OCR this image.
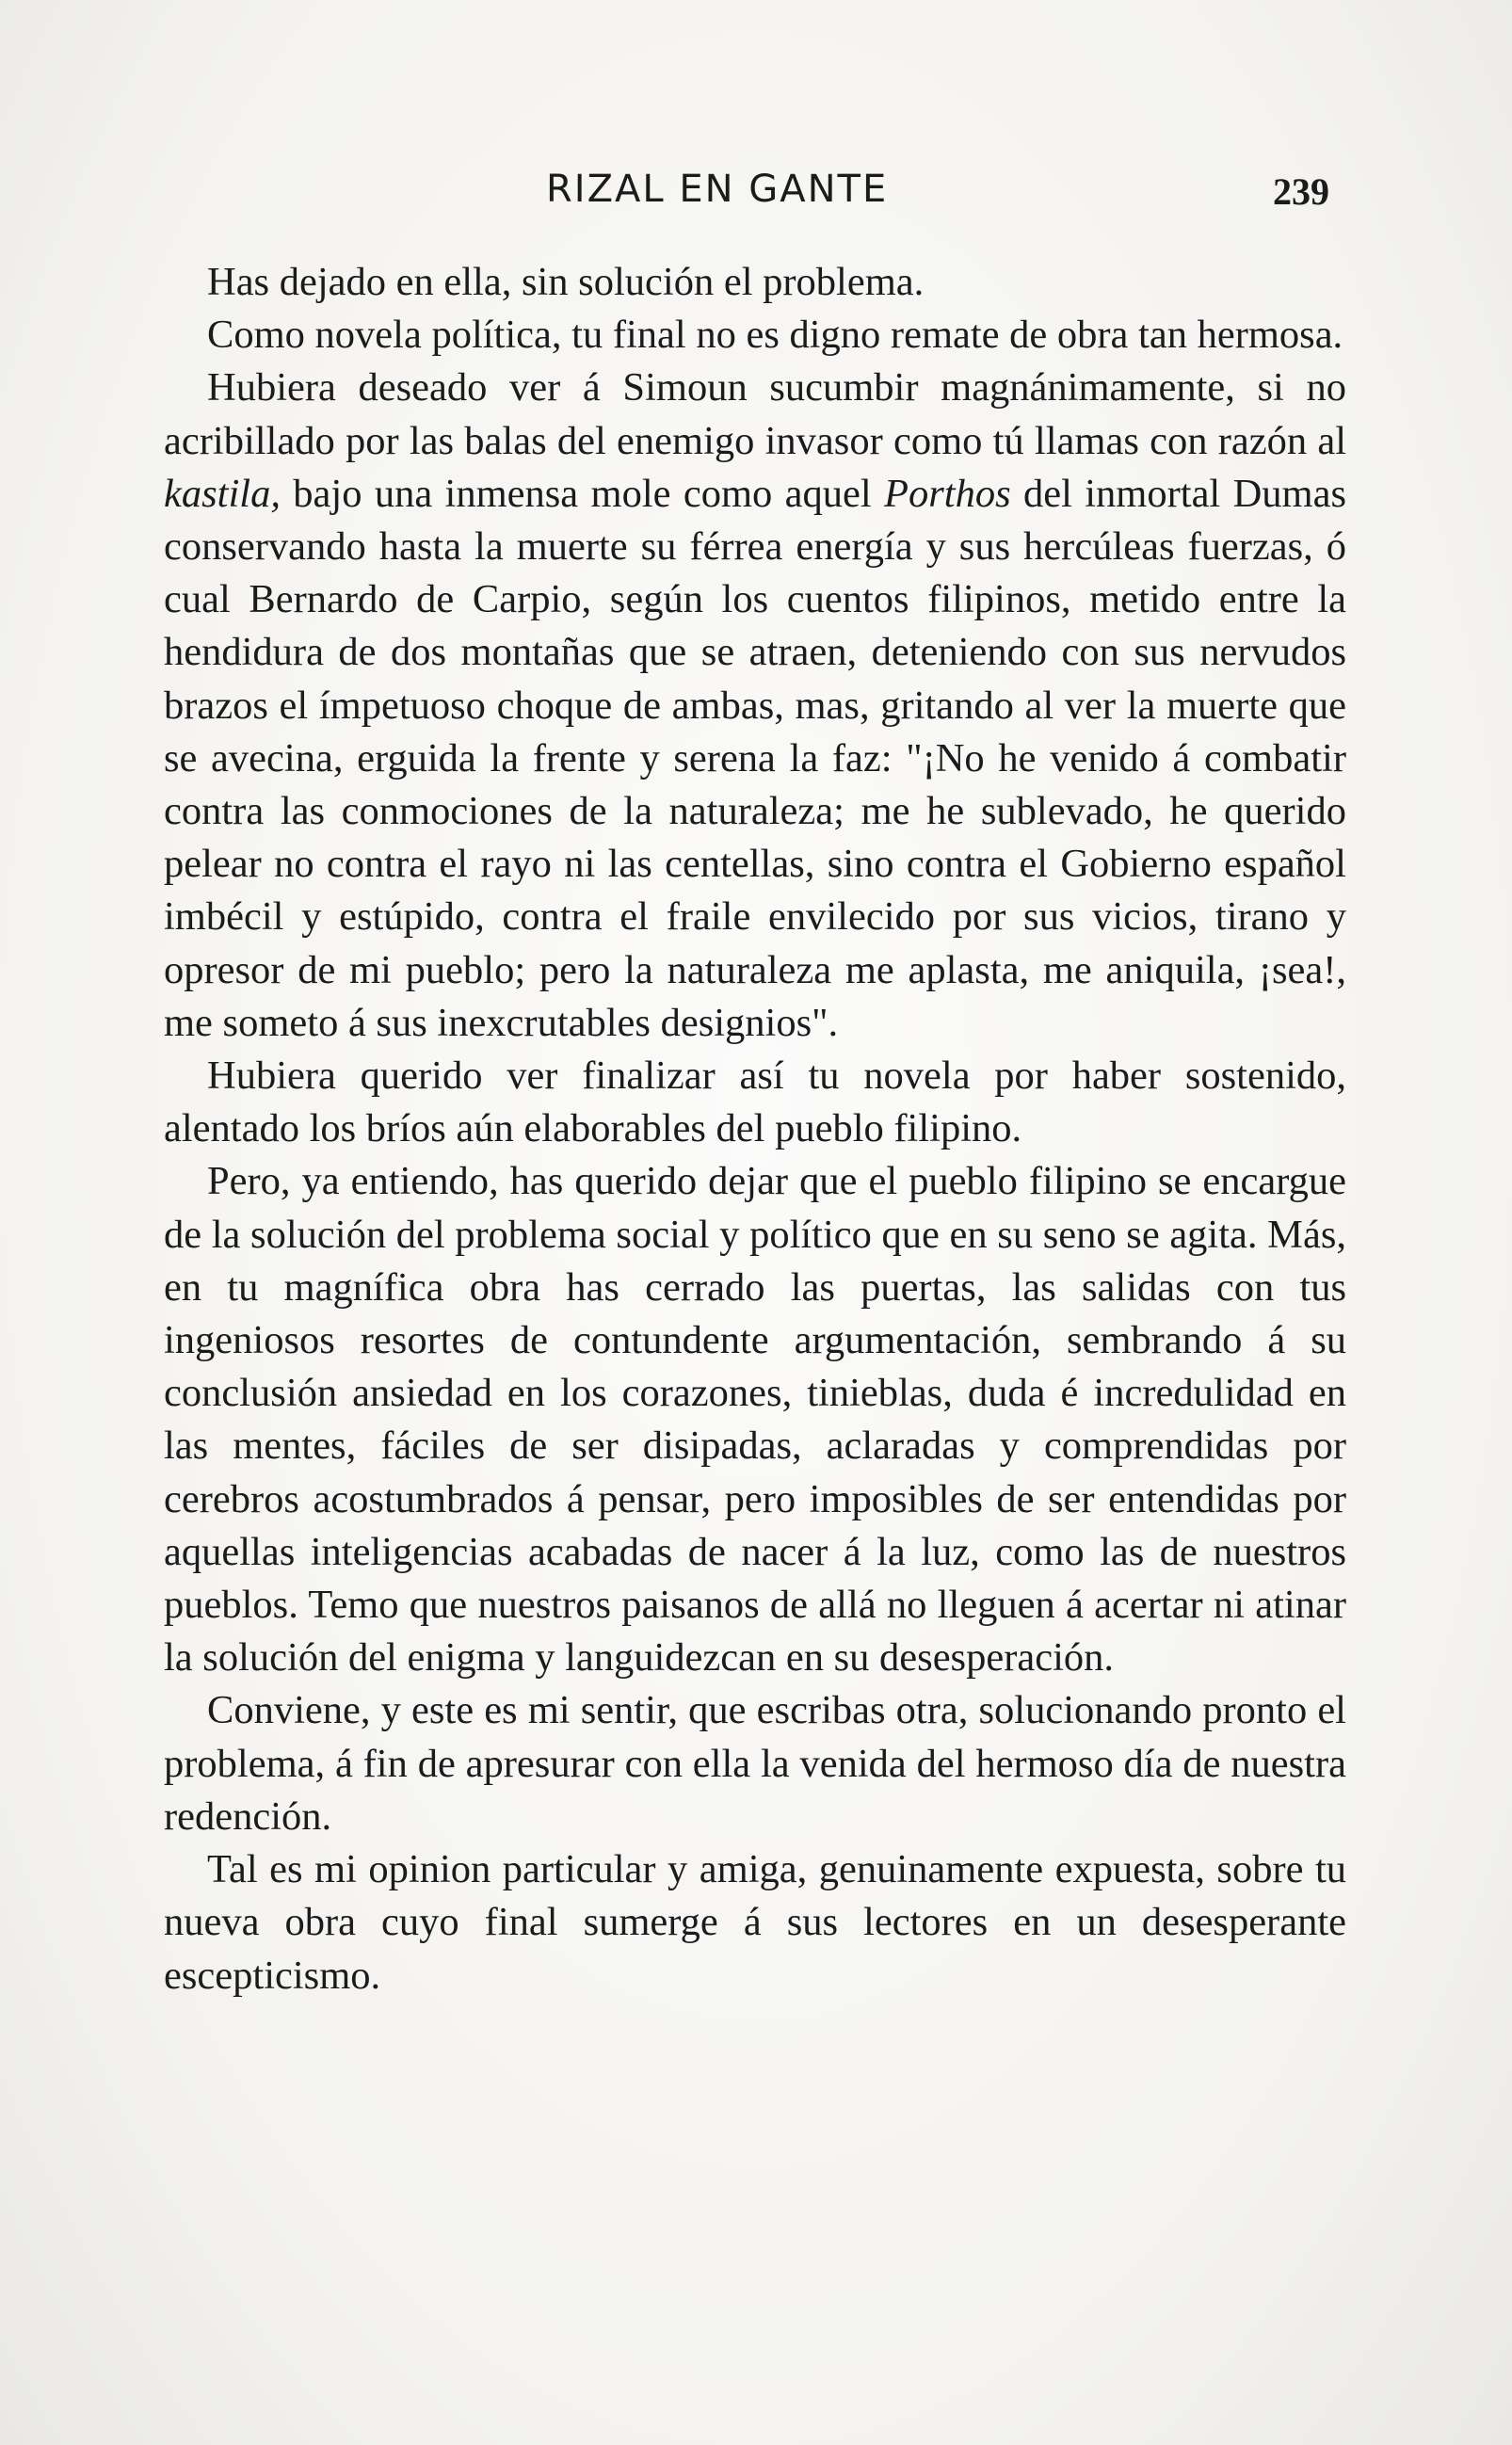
RIZAL EN GANTE	239

Has dejado en ella, sin solución el problema.

Como novela política, tu final no es digno remate de obra tan hermosa.

Hubiera deseado ver á Simoun sucumbir magnánimamente, si no acribillado por las balas del enemigo invasor como tú llamas con razón al kastila, bajo una inmensa mole como aquel Porthos del inmortal Dumas conservando hasta la muerte su férrea energía y sus hercúleas fuerzas, ó cual Bernardo de Carpio, según los cuentos filipinos, metido entre la hendidura de dos montañas que se atraen, deteniendo con sus nervudos brazos el ímpetuoso choque de ambas, mas, gritando al ver la muerte que se avecina, erguida la frente y serena la faz: "¡No he venido á combatir contra las conmociones de la naturaleza; me he sublevado, he querido pelear no contra el rayo ni las centellas, sino contra el Gobierno español imbécil y estúpido, contra el fraile envilecido por sus vicios, tirano y opresor de mi pueblo; pero la naturaleza me aplasta, me aniquila, ¡sea!, me someto á sus inexcrutables designios".

Hubiera querido ver finalizar así tu novela por haber sostenido, alentado los bríos aún elaborables del pueblo filipino.

Pero, ya entiendo, has querido dejar que el pueblo filipino se encargue de la solución del problema social y político que en su seno se agita. Más, en tu magnífica obra has cerrado las puertas, las salidas con tus ingeniosos resortes de contundente argumentación, sembrando á su conclusión ansiedad en los corazones, tinieblas, duda é incredulidad en las mentes, fáciles de ser disipadas, aclaradas y comprendidas por cerebros acostumbrados á pensar, pero imposibles de ser entendidas por aquellas inteligencias acabadas de nacer á la luz, como las de nuestros pueblos. Temo que nuestros paisanos de allá no lleguen á acertar ni atinar la solución del enigma y languidezcan en su desesperación.

Conviene, y este es mi sentir, que escribas otra, solucionando pronto el problema, á fin de apresurar con ella la venida del hermoso día de nuestra redención.

Tal es mi opinion particular y amiga, genuinamente expuesta, sobre tu nueva obra cuyo final sumerge á sus lectores en un desesperante escepticismo.
